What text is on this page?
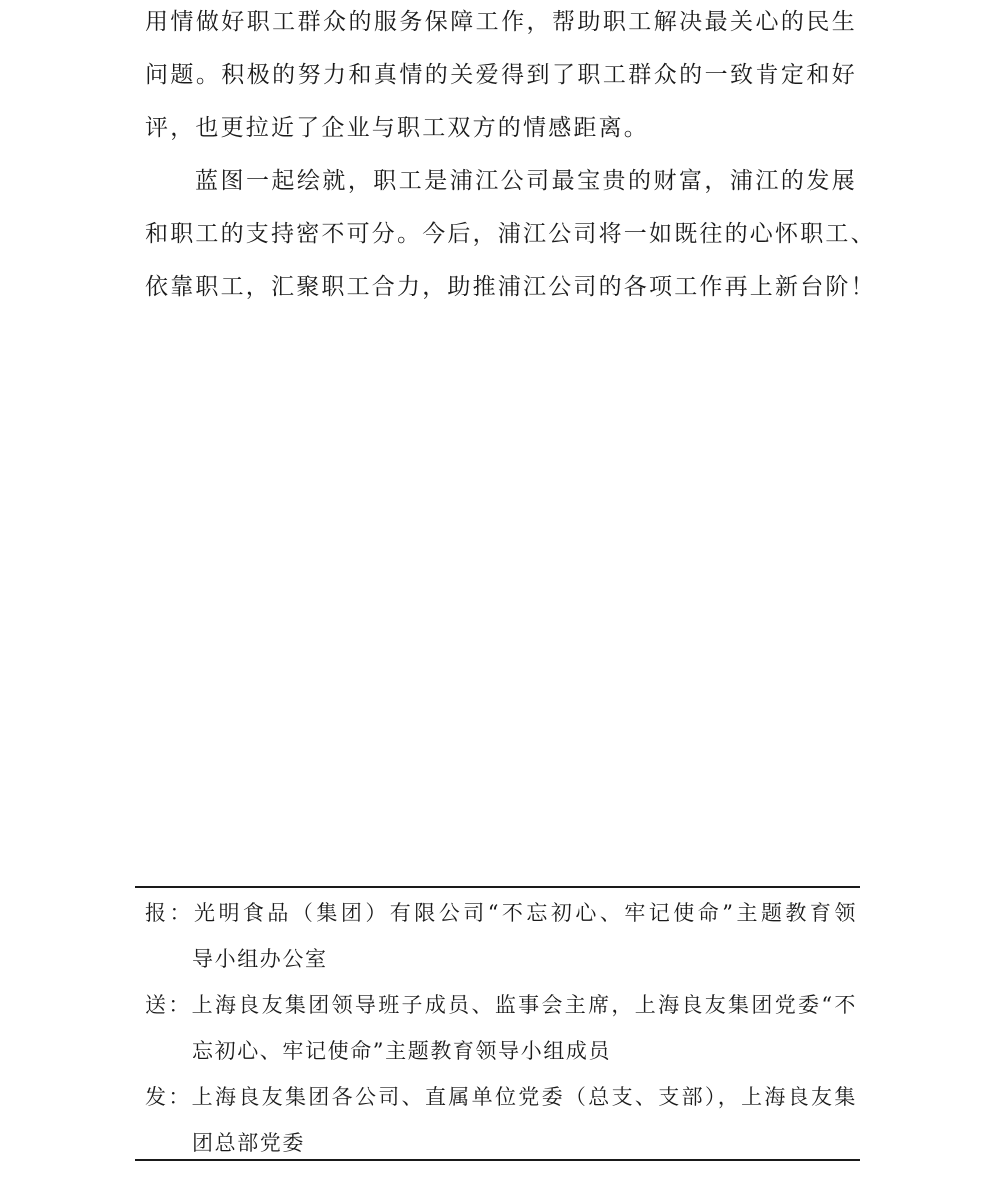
用情做好职工群众的服务保障工作，帮助职工解决最关心的民生
问题。积极的努力和真情的关爱得到了职工群众的一致肯定和好
评，也更拉近了企业与职工双方的情感距离。
蓝图一起绘就，职工是浦江公司最宝贵的财富，浦江的发展
和职工的支持密不可分。今后，浦江公司将一如既往的心怀职工、
依靠职工，汇聚职工合力，助推浦江公司的各项工作再上新台阶！
报：光明食品（集团）有限公司“不忘初心、牢记使命”主题教育领
导小组办公室
送：上海良友集团领导班子成员、监事会主席，上海良友集团党委“不
忘初心、牢记使命”主题教育领导小组成员
发：上海良友集团各公司、直属单位党委（总支、支部），上海良友集
团总部党委
